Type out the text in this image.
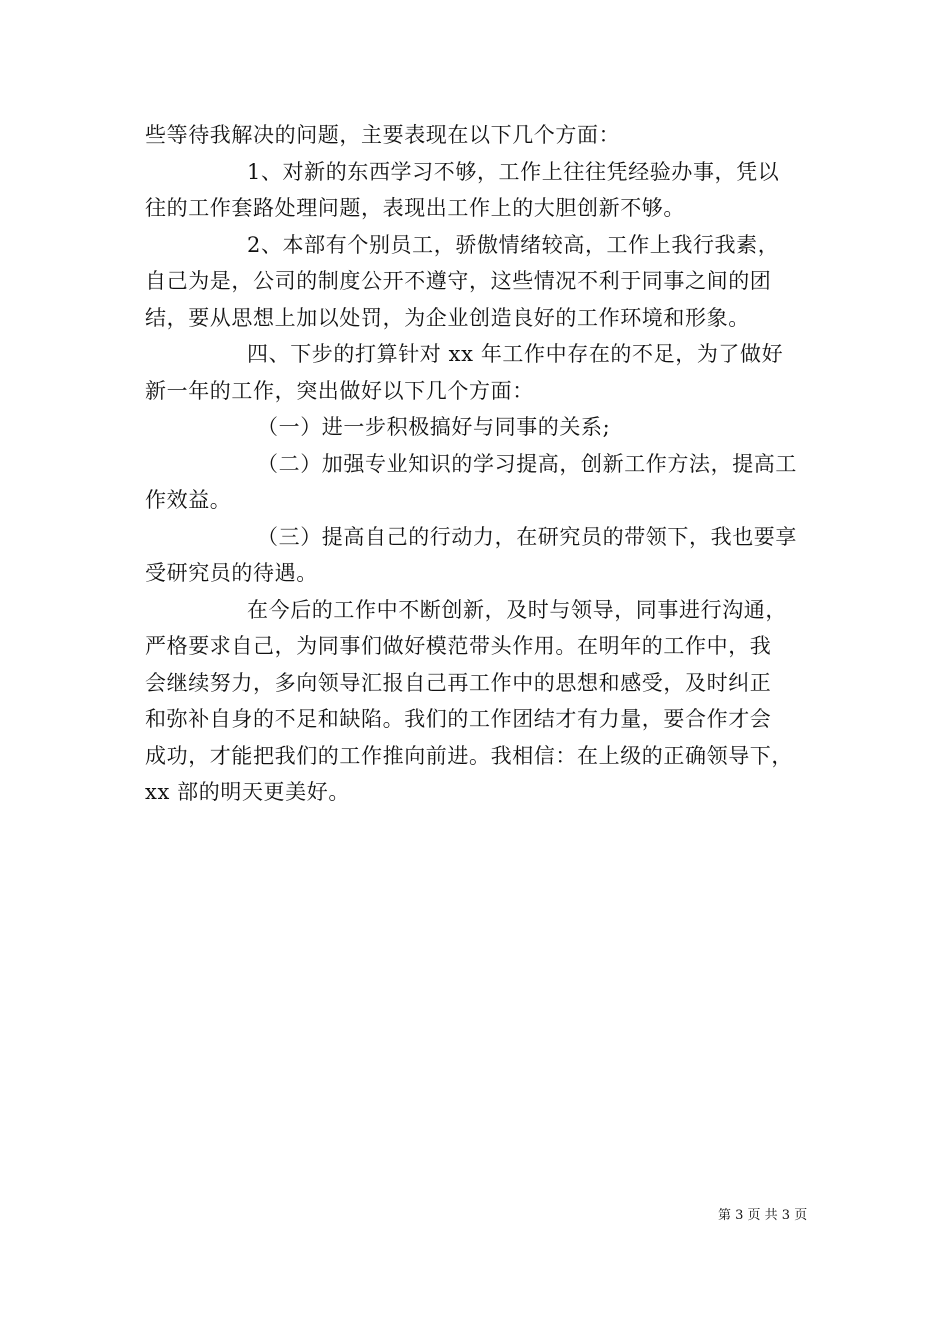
些等待我解决的问题，主要表现在以下几个方面：
1、对新的东西学习不够，工作上往往凭经验办事，凭以
往的工作套路处理问题，表现出工作上的大胆创新不够。
2、本部有个别员工，骄傲情绪较高，工作上我行我素，
自己为是，公司的制度公开不遵守，这些情况不利于同事之间的团
结，要从思想上加以处罚，为企业创造良好的工作环境和形象。
四、下步的打算针对 xx 年工作中存在的不足，为了做好
新一年的工作，突出做好以下几个方面：
（一）进一步积极搞好与同事的关系;
（二）加强专业知识的学习提高，创新工作方法，提高工
作效益。
（三）提高自己的行动力，在研究员的带领下，我也要享
受研究员的待遇。
在今后的工作中不断创新，及时与领导，同事进行沟通，
严格要求自己，为同事们做好模范带头作用。在明年的工作中，我
会继续努力，多向领导汇报自己再工作中的思想和感受，及时纠正
和弥补自身的不足和缺陷。我们的工作团结才有力量，要合作才会
成功，才能把我们的工作推向前进。我相信：在上级的正确领导下，
xx 部的明天更美好。
第 3 页 共 3 页
